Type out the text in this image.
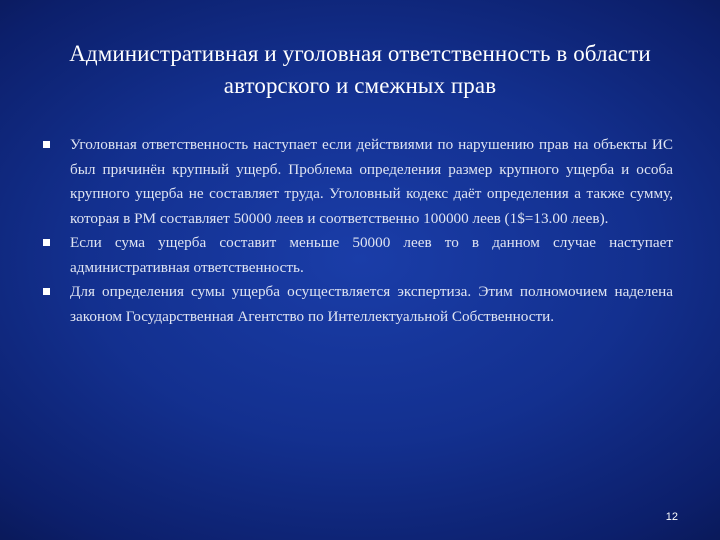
Административная и уголовная ответственность в области авторского и смежных прав
Уголовная ответственность наступает если действиями по нарушению прав на объекты ИС был причинён крупный ущерб. Проблема определения размер крупного ущерба и особа крупного ущерба не составляет труда. Уголовный кодекс даёт определения а также сумму, которая в РМ составляет 50000 леев и соответственно 100000 леев (1$=13.00 леев).
Если сума ущерба составит меньше 50000 леев то в данном случае наступает административная ответственность.
Для определения сумы ущерба осуществляется экспертиза. Этим полномочием наделена законом Государственная Агентство по Интеллектуальной Собственности.
12
